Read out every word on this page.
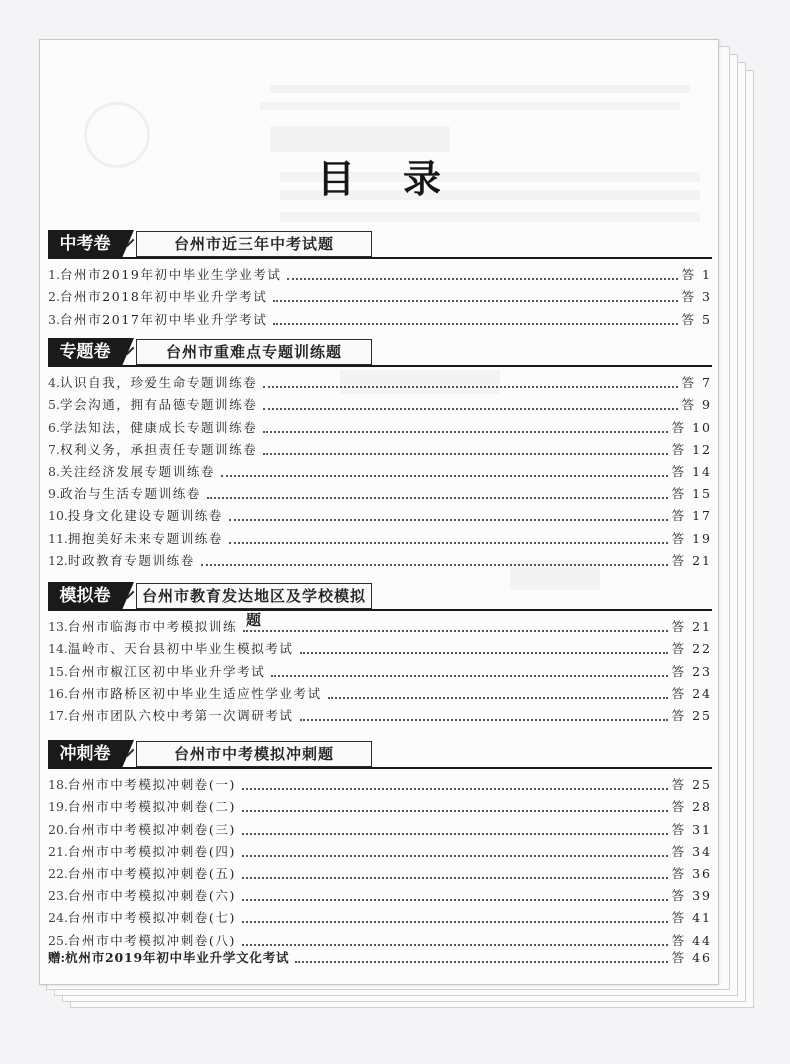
目录
中考卷	台州市近三年中考试题
1. 台州市2019年初中毕业生学业考试	答 1
2. 台州市2018年初中毕业升学考试	答 3
3. 台州市2017年初中毕业升学考试	答 5
专题卷	台州市重难点专题训练题
4. 认识自我，珍爱生命专题训练卷	答 7
5. 学会沟通，拥有品德专题训练卷	答 9
6. 学法知法，健康成长专题训练卷	答 10
7. 权利义务，承担责任专题训练卷	答 12
8. 关注经济发展专题训练卷	答 14
9. 政治与生活专题训练卷	答 15
10. 投身文化建设专题训练卷	答 17
11. 拥抱美好未来专题训练卷	答 19
12. 时政教育专题训练卷	答 21
模拟卷	台州市教育发达地区及学校模拟题
13. 台州市临海市中考模拟训练	答 21
14. 温岭市、天台县初中毕业生模拟考试	答 22
15. 台州市椒江区初中毕业升学考试	答 23
16. 台州市路桥区初中毕业生适应性学业考试	答 24
17. 台州市团队六校中考第一次调研考试	答 25
冲刺卷	台州市中考模拟冲刺题
18. 台州市中考模拟冲刺卷(一)	答 25
19. 台州市中考模拟冲刺卷(二)	答 28
20. 台州市中考模拟冲刺卷(三)	答 31
21. 台州市中考模拟冲刺卷(四)	答 34
22. 台州市中考模拟冲刺卷(五)	答 36
23. 台州市中考模拟冲刺卷(六)	答 39
24. 台州市中考模拟冲刺卷(七)	答 41
25. 台州市中考模拟冲刺卷(八)	答 44
赠: 杭州市2019年初中毕业升学文化考试	答 46
